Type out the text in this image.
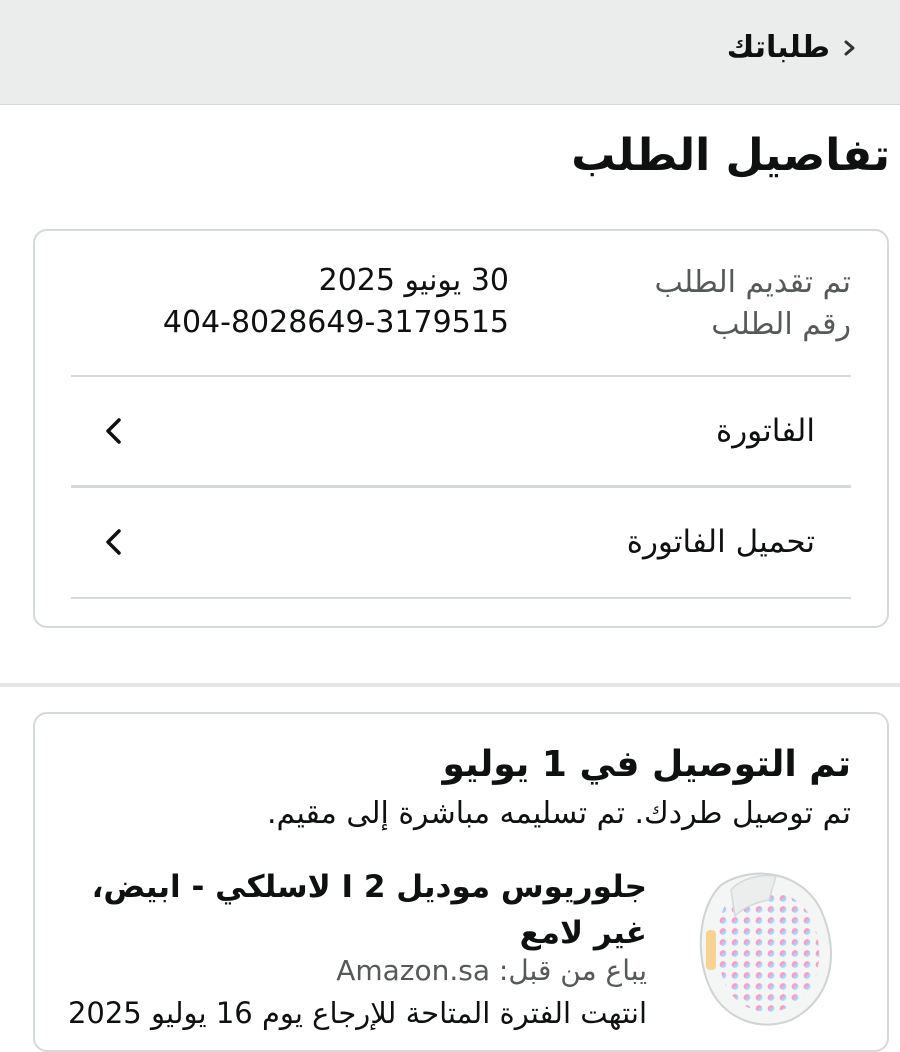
طلباتك
تفاصيل الطلب
تم تقديم الطلب
30 يونيو 2025
رقم الطلب
404-8028649-3179515
الفاتورة
تحميل الفاتورة
تم التوصيل في 1 يوليو
تم توصيل طردك. تم تسليمه مباشرة إلى مقيم.
جلوريوس موديل 2 I لاسلكي - ابيض، غير لامع
يباع من قبل: Amazon.sa
انتهت الفترة المتاحة للإرجاع يوم 16 يوليو 2025
